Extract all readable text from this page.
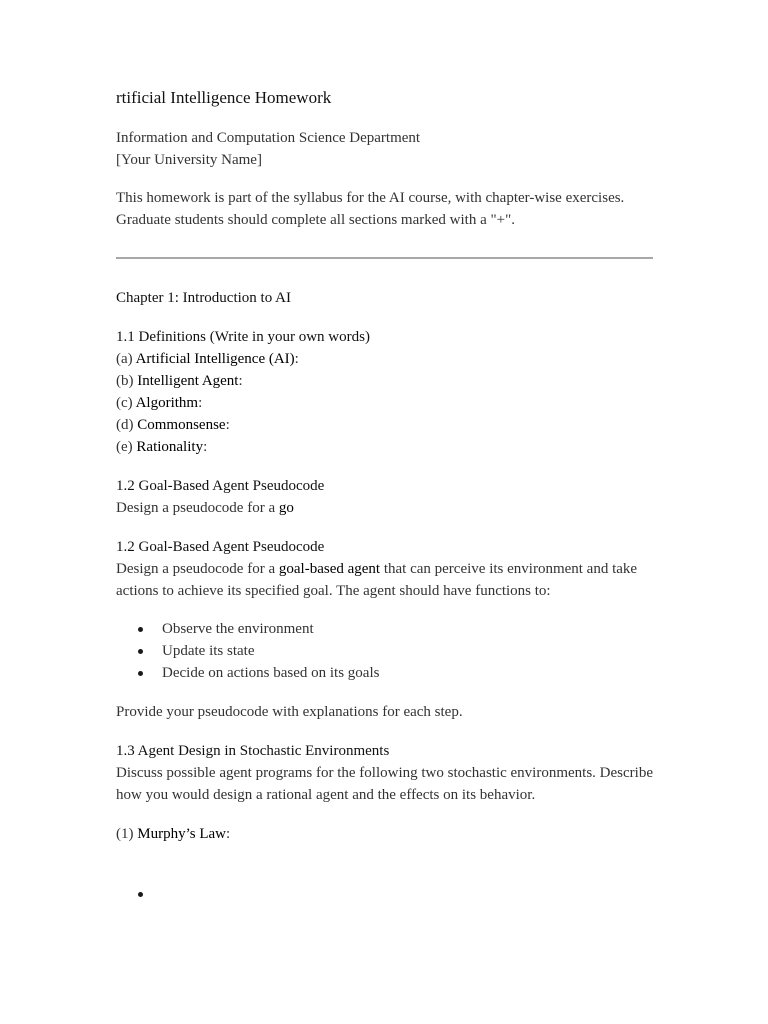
rtificial Intelligence Homework
Information and Computation Science Department
[Your University Name]
This homework is part of the syllabus for the AI course, with chapter-wise exercises.
Graduate students should complete all sections marked with a "+".
Chapter 1: Introduction to AI
1.1 Definitions (Write in your own words)
(a) Artificial Intelligence (AI):
(b) Intelligent Agent:
(c) Algorithm:
(d) Commonsense:
(e) Rationality:
1.2 Goal-Based Agent Pseudocode
Design a pseudocode for a go
1.2 Goal-Based Agent Pseudocode
Design a pseudocode for a goal-based agent that can perceive its environment and take
actions to achieve its specified goal. The agent should have functions to:
Observe the environment
Update its state
Decide on actions based on its goals
Provide your pseudocode with explanations for each step.
1.3 Agent Design in Stochastic Environments
Discuss possible agent programs for the following two stochastic environments. Describe
how you would design a rational agent and the effects on its behavior.
(1) Murphy’s Law:
